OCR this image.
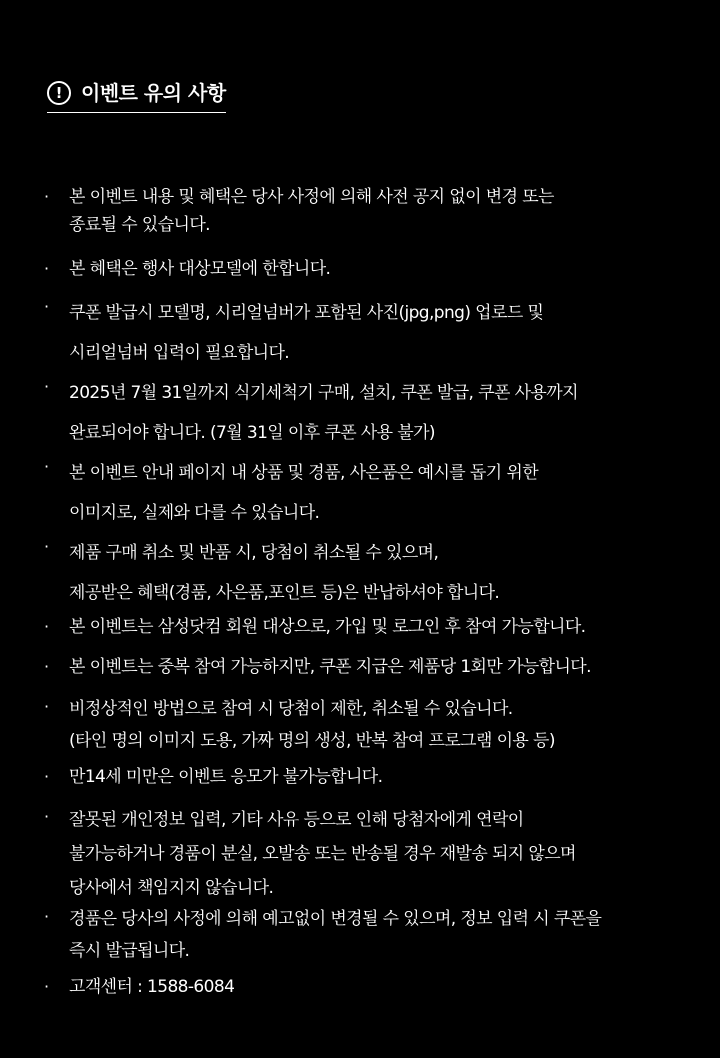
! 이벤트 유의 사항
· 본 이벤트 내용 및 혜택은 당사 사정에 의해 사전 공지 없이 변경 또는
종료될 수 있습니다.
· 본 혜택은 행사 대상모델에 한합니다.
· 쿠폰 발급시 모델명, 시리얼넘버가 포함된 사진(jpg,png) 업로드 및
시리얼넘버 입력이 필요합니다.
· 2025년 7월 31일까지 식기세척기 구매, 설치, 쿠폰 발급, 쿠폰 사용까지
완료되어야 합니다. (7월 31일 이후 쿠폰 사용 불가)
· 본 이벤트 안내 페이지 내 상품 및 경품, 사은품은 예시를 돕기 위한
이미지로, 실제와 다를 수 있습니다.
· 제품 구매 취소 및 반품 시, 당첨이 취소될 수 있으며,
제공받은 혜택(경품, 사은품,포인트 등)은 반납하셔야 합니다.
· 본 이벤트는 삼성닷컴 회원 대상으로, 가입 및 로그인 후 참여 가능합니다.
· 본 이벤트는 중복 참여 가능하지만, 쿠폰 지급은 제품당 1회만 가능합니다.
· 비정상적인 방법으로 참여 시 당첨이 제한, 취소될 수 있습니다.
(타인 명의 이미지 도용, 가짜 명의 생성, 반복 참여 프로그램 이용 등)
· 만14세 미만은 이벤트 응모가 불가능합니다.
· 잘못된 개인정보 입력, 기타 사유 등으로 인해 당첨자에게 연락이
불가능하거나 경품이 분실, 오발송 또는 반송될 경우 재발송 되지 않으며
당사에서 책임지지 않습니다.
· 경품은 당사의 사정에 의해 예고없이 변경될 수 있으며, 정보 입력 시 쿠폰을
즉시 발급됩니다.
· 고객센터 : 1588-6084
